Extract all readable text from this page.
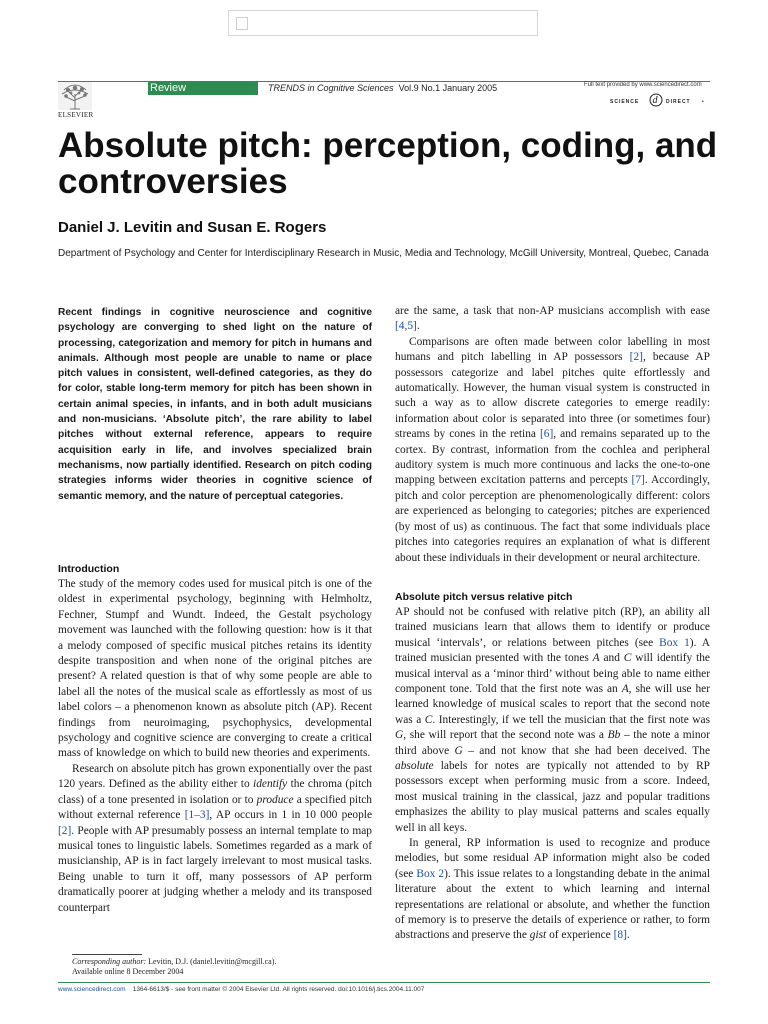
ELSEVIER
Review	TRENDS in Cognitive Sciences Vol.9 No.1 January 2005	Full text provided by www.sciencedirect.com
SCIENCE d DIRECT •
Absolute pitch: perception, coding, and controversies
Daniel J. Levitin and Susan E. Rogers
Department of Psychology and Center for Interdisciplinary Research in Music, Media and Technology, McGill University, Montreal, Quebec, Canada
Recent findings in cognitive neuroscience and cognitive psychology are converging to shed light on the nature of processing, categorization and memory for pitch in humans and animals. Although most people are unable to name or place pitch values in consistent, well-defined categories, as they do for color, stable long-term memory for pitch has been shown in certain animal species, in infants, and in both adult musicians and non-musicians. ‘Absolute pitch’, the rare ability to label pitches without external reference, appears to require acquisition early in life, and involves specialized brain mechanisms, now partially identified. Research on pitch coding strategies informs wider theories in cognitive science of semantic memory, and the nature of perceptual categories.
Introduction

The study of the memory codes used for musical pitch is one of the oldest in experimental psychology, beginning with Helmholtz, Fechner, Stumpf and Wundt. Indeed, the Gestalt psychology movement was launched with the following question: how is it that a melody composed of specific musical pitches retains its identity despite transposition and when none of the original pitches are present? A related question is that of why some people are able to label all the notes of the musical scale as effortlessly as most of us label colors – a phenomenon known as absolute pitch (AP). Recent findings from neuroimaging, psychophysics, developmental psychology and cognitive science are converging to create a critical mass of knowledge on which to build new theories and experiments.

Research on absolute pitch has grown exponentially over the past 120 years. Defined as the ability either to identify the chroma (pitch class) of a tone presented in isolation or to produce a specified pitch without external reference [1–3], AP occurs in 1 in 10 000 people [2]. People with AP presumably possess an internal template to map musical tones to linguistic labels. Sometimes regarded as a mark of musicianship, AP is in fact largely irrelevant to most musical tasks. Being unable to turn it off, many possessors of AP perform dramatically poorer at judging whether a melody and its transposed counterpart

are the same, a task that non-AP musicians accomplish with ease [4,5].

Comparisons are often made between color labelling in most humans and pitch labelling in AP possessors [2], because AP possessors categorize and label pitches quite effortlessly and automatically. However, the human visual system is constructed in such a way as to allow discrete categories to emerge readily: information about color is separated into three (or sometimes four) streams by cones in the retina [6], and remains separated up to the cortex. By contrast, information from the cochlea and peripheral auditory system is much more continuous and lacks the one-to-one mapping between excitation patterns and percepts [7]. Accordingly, pitch and color perception are phenomenologically different: colors are experienced as belonging to categories; pitches are experienced (by most of us) as continuous. The fact that some individuals place pitches into categories requires an explanation of what is different about these individuals in their development or neural architecture.

Absolute pitch versus relative pitch

AP should not be confused with relative pitch (RP), an ability all trained musicians learn that allows them to identify or produce musical ‘intervals’, or relations between pitches (see Box 1). A trained musician presented with the tones A and C will identify the musical interval as a ‘minor third’ without being able to name either component tone. Told that the first note was an A, she will use her learned knowledge of musical scales to report that the second note was a C. Interestingly, if we tell the musician that the first note was G, she will report that the second note was a Bb – the note a minor third above G – and not know that she had been deceived. The absolute labels for notes are typically not attended to by RP possessors except when performing music from a score. Indeed, most musical training in the classical, jazz and popular traditions emphasizes the ability to play musical patterns and scales equally well in all keys.

In general, RP information is used to recognize and produce melodies, but some residual AP information might also be coded (see Box 2). This issue relates to a longstanding debate in the animal literature about the extent to which learning and internal representations are relational or absolute, and whether the function of memory is to preserve the details of experience or rather, to form abstractions and preserve the gist of experience [8].

Corresponding author: Levitin, D.J. (daniel.levitin@mcgill.ca).
Available online 8 December 2004
www.sciencedirect.com 1364-6613/$ - see front matter © 2004 Elsevier Ltd. All rights reserved. doi:10.1016/j.tics.2004.11.007
